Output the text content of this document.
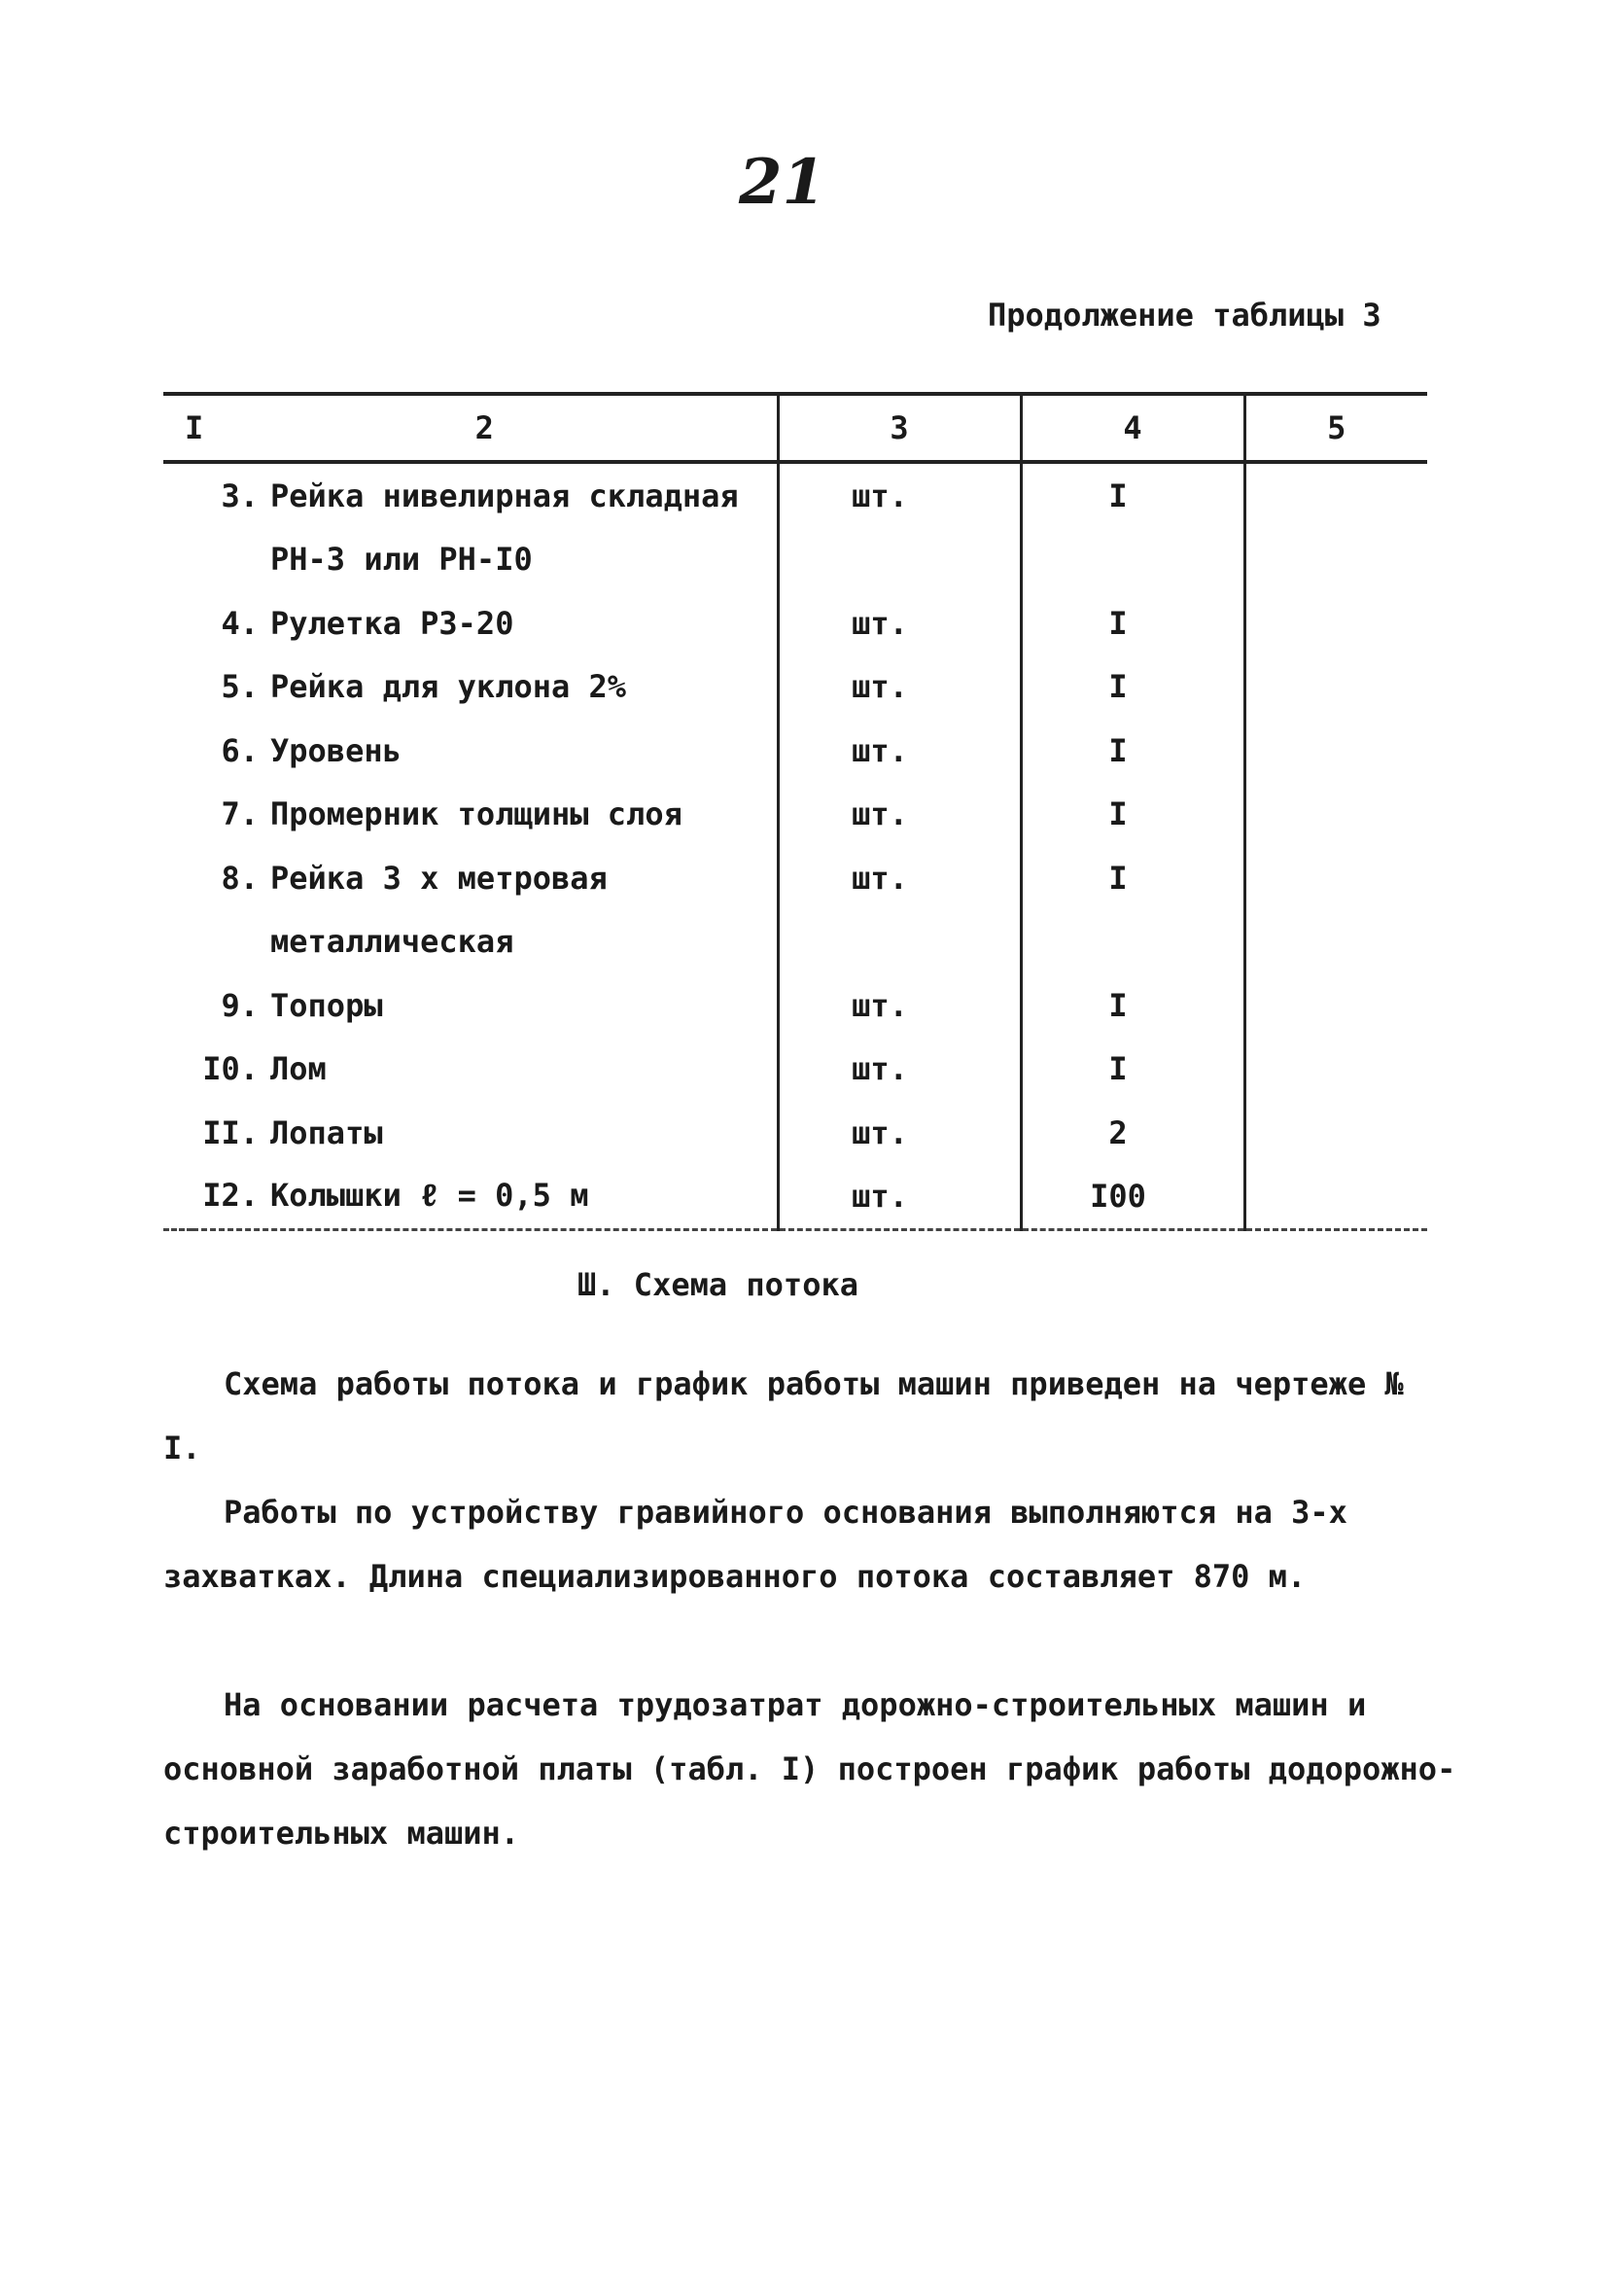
21
Продолжение таблицы 3
I	2	3	4	5
	3. Рейка нивелирная складная	шт.	I	
	РН-3 или РН-I0			
	4. Рулетка РЗ-20	шт.	I	
	5. Рейка для уклона 2%	шт.	I	
	6. Уровень	шт.	I	
	7. Промерник толщины слоя	шт.	I	
	8. Рейка 3 х метровая	шт.	I	
	металлическая			
	9. Топоры	шт.	I	
	I0. Лом	шт.	I	
	II. Лопаты	шт.	2	
	I2. Колышки ℓ = 0,5 м	шт.	I00	
Ш. Схема потока

Схема работы потока и график работы машин приведен на чертеже № I.

Работы по устройству гравийного основания выполняются на 3-х захватках. Длина специализированного потока составляет 870 м.

На основании расчета трудозатрат дорожно-строительных машин и основной заработной платы (табл. I) построен график работы додорожно-строительных машин.
